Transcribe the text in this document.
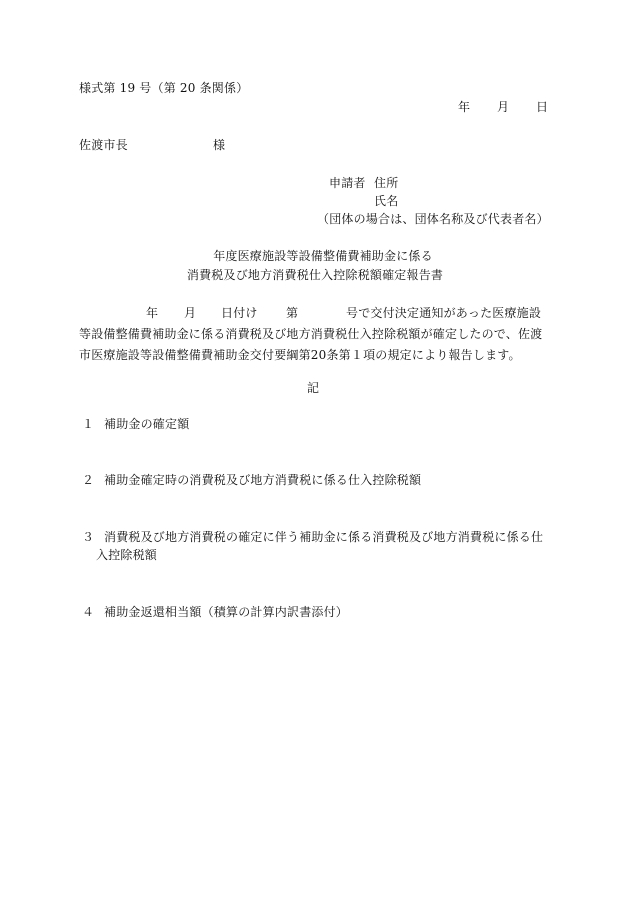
様式第 19 号（第 20 条関係）
年 月 日
佐渡市長	様
申請者 住所
氏名
（団体の場合は、団体名称及び代表者名）
年度医療施設等設備整備費補助金に係る
消費税及び地方消費税仕入控除税額確定報告書
年 月 日付け 第	号で交付決定通知があった医療施設
等設備整備費補助金に係る消費税及び地方消費税仕入控除税額が確定したので、佐渡
市医療施設等設備整備費補助金交付要綱第20条第１項の規定により報告します。
記
１ 補助金の確定額
２ 補助金確定時の消費税及び地方消費税に係る仕入控除税額
３ 消費税及び地方消費税の確定に伴う補助金に係る消費税及び地方消費税に係る仕
入控除税額
４ 補助金返還相当額（積算の計算内訳書添付）
